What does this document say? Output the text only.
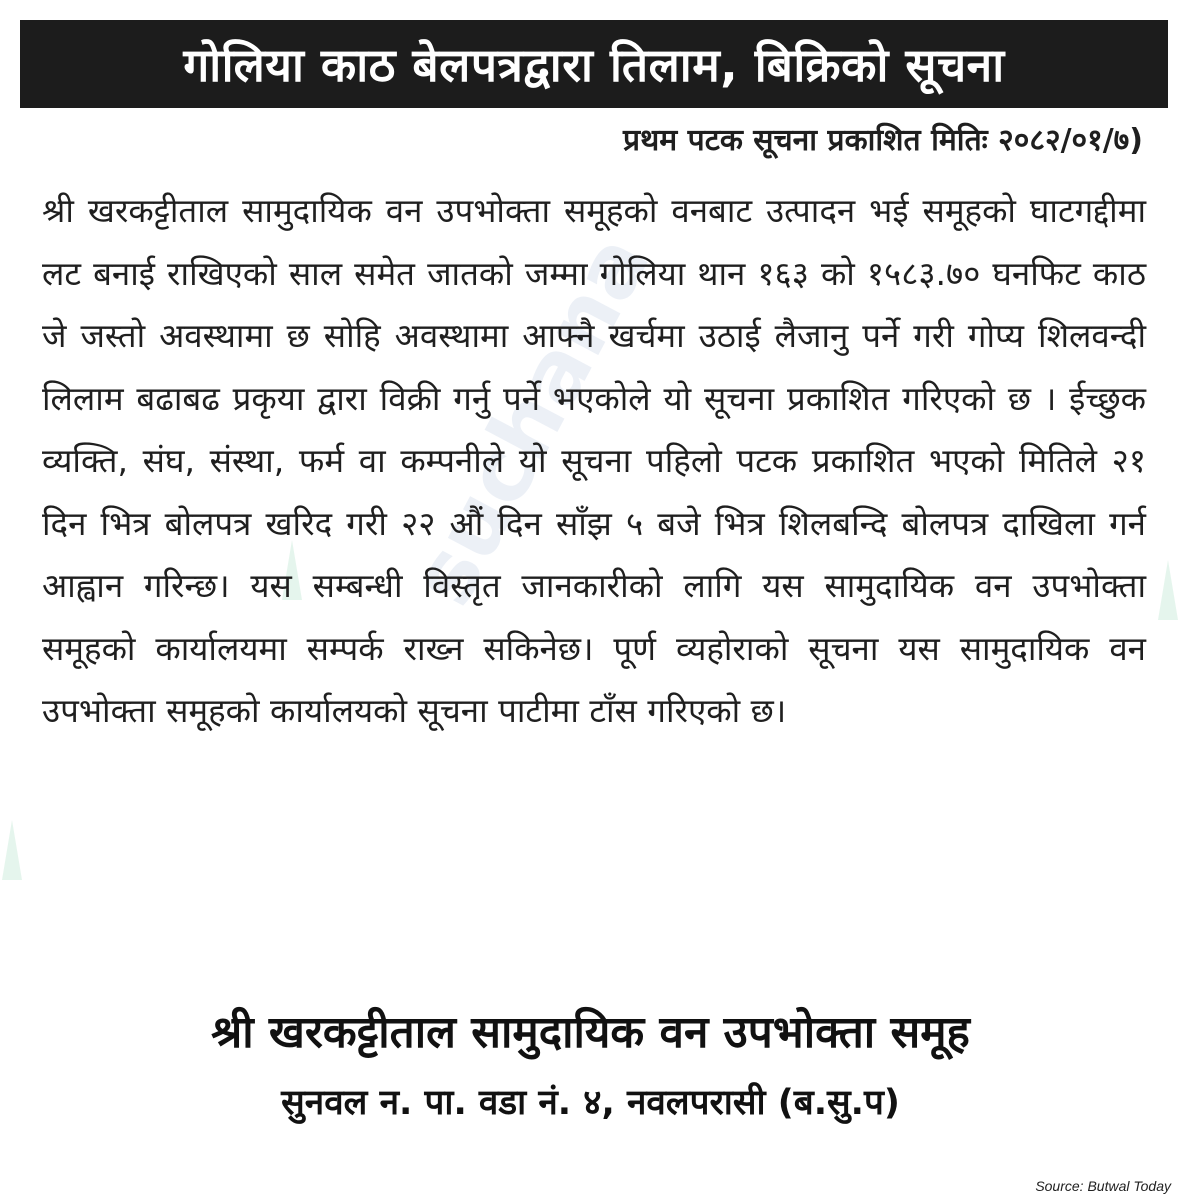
suchana
गोलिया काठ बेलपत्रद्वारा तिलाम, बिक्रिको सूचना
प्रथम पटक सूचना प्रकाशित मितिः २०८२/०१/७)
श्री खरकट्टीताल सामुदायिक वन उपभोक्ता समूहको वनबाट उत्पादन भई समूहको घाटगद्दीमा लट बनाई राखिएको साल समेत जातको जम्मा गोलिया थान १६३ को १५८३.७० घनफिट काठ जे जस्तो अवस्थामा छ सोहि अवस्थामा आफ्नै खर्चमा उठाई लैजानु पर्ने गरी गोप्य शिलवन्दी लिलाम बढाबढ प्रकृया द्वारा विक्री गर्नु पर्ने भएकोले यो सूचना प्रकाशित गरिएको छ । ईच्छुक व्यक्ति, संघ, संस्था, फर्म वा कम्पनीले यो सूचना पहिलो पटक प्रकाशित भएको मितिले २१ दिन भित्र बोलपत्र खरिद गरी २२ औं दिन साँझ ५ बजे भित्र शिलबन्दि बोलपत्र दाखिला गर्न आह्वान गरिन्छ। यस सम्बन्धी विस्तृत जानकारीको लागि यस सामुदायिक वन उपभोक्ता समूहको कार्यालयमा सम्पर्क राख्न सकिनेछ। पूर्ण व्यहोराको सूचना यस सामुदायिक वन उपभोक्ता समूहको कार्यालयको सूचना पाटीमा टाँस गरिएको छ।
श्री खरकट्टीताल सामुदायिक वन उपभोक्ता समूह
सुनवल न. पा. वडा नं. ४, नवलपरासी (ब.सु.प)
Source: Butwal Today
